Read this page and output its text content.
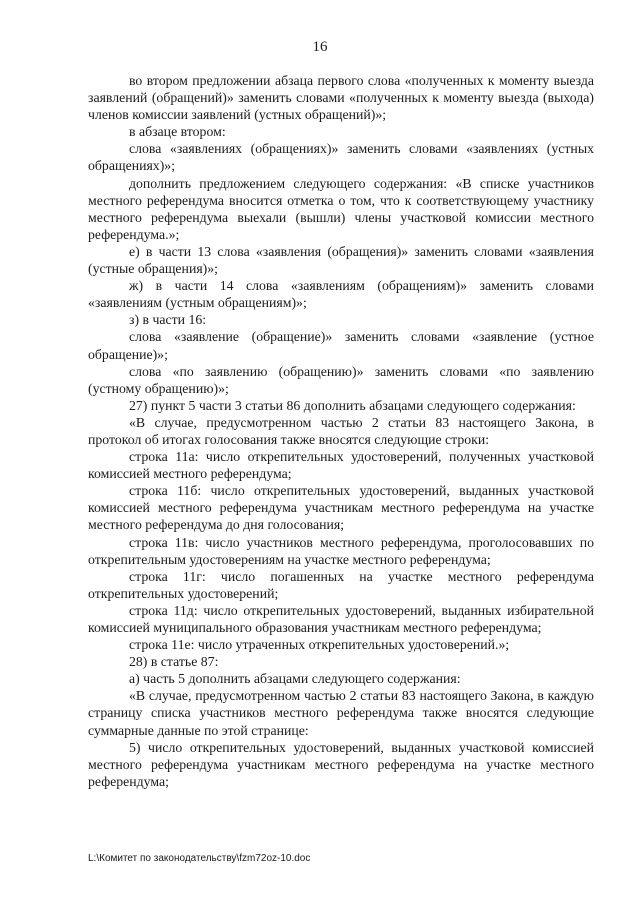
16

во втором предложении абзаца первого слова «полученных к моменту выезда заявлений (обращений)» заменить словами «полученных к моменту выезда (выхода) членов комиссии заявлений (устных обращений)»;

в абзаце втором:

слова «заявлениях (обращениях)» заменить словами «заявлениях (устных обращениях)»;

дополнить предложением следующего содержания: «В списке участников местного референдума вносится отметка о том, что к соответствующему участнику местного референдума выехали (вышли) члены участковой комиссии местного референдума.»;

е) в части 13 слова «заявления (обращения)» заменить словами «заявления (устные обращения)»;

ж) в части 14 слова «заявлениям (обращениям)» заменить словами «заявлениям (устным обращениям)»;

з) в части 16:

слова «заявление (обращение)» заменить словами «заявление (устное обращение)»;

слова «по заявлению (обращению)» заменить словами «по заявлению (устному обращению)»;

27) пункт 5 части 3 статьи 86 дополнить абзацами следующего содержания:

«В случае, предусмотренном частью 2 статьи 83 настоящего Закона, в протокол об итогах голосования также вносятся следующие строки:

строка 11а: число открепительных удостоверений, полученных участковой комиссией местного референдума;

строка 11б: число открепительных удостоверений, выданных участковой комиссией местного референдума участникам местного референдума на участке местного референдума до дня голосования;

строка 11в: число участников местного референдума, проголосовавших по открепительным удостоверениям на участке местного референдума;

строка 11г: число погашенных на участке местного референдума открепительных удостоверений;

строка 11д: число открепительных удостоверений, выданных избирательной комиссией муниципального образования участникам местного референдума;

строка 11е: число утраченных открепительных удостоверений.»;

28) в статье 87:

а) часть 5 дополнить абзацами следующего содержания:

«В случае, предусмотренном частью 2 статьи 83 настоящего Закона, в каждую страницу списка участников местного референдума также вносятся следующие суммарные данные по этой странице:

5) число открепительных удостоверений, выданных участковой комиссией местного референдума участникам местного референдума на участке местного референдума;

L:\Комитет по законодательству\fzm72oz-10.doc
